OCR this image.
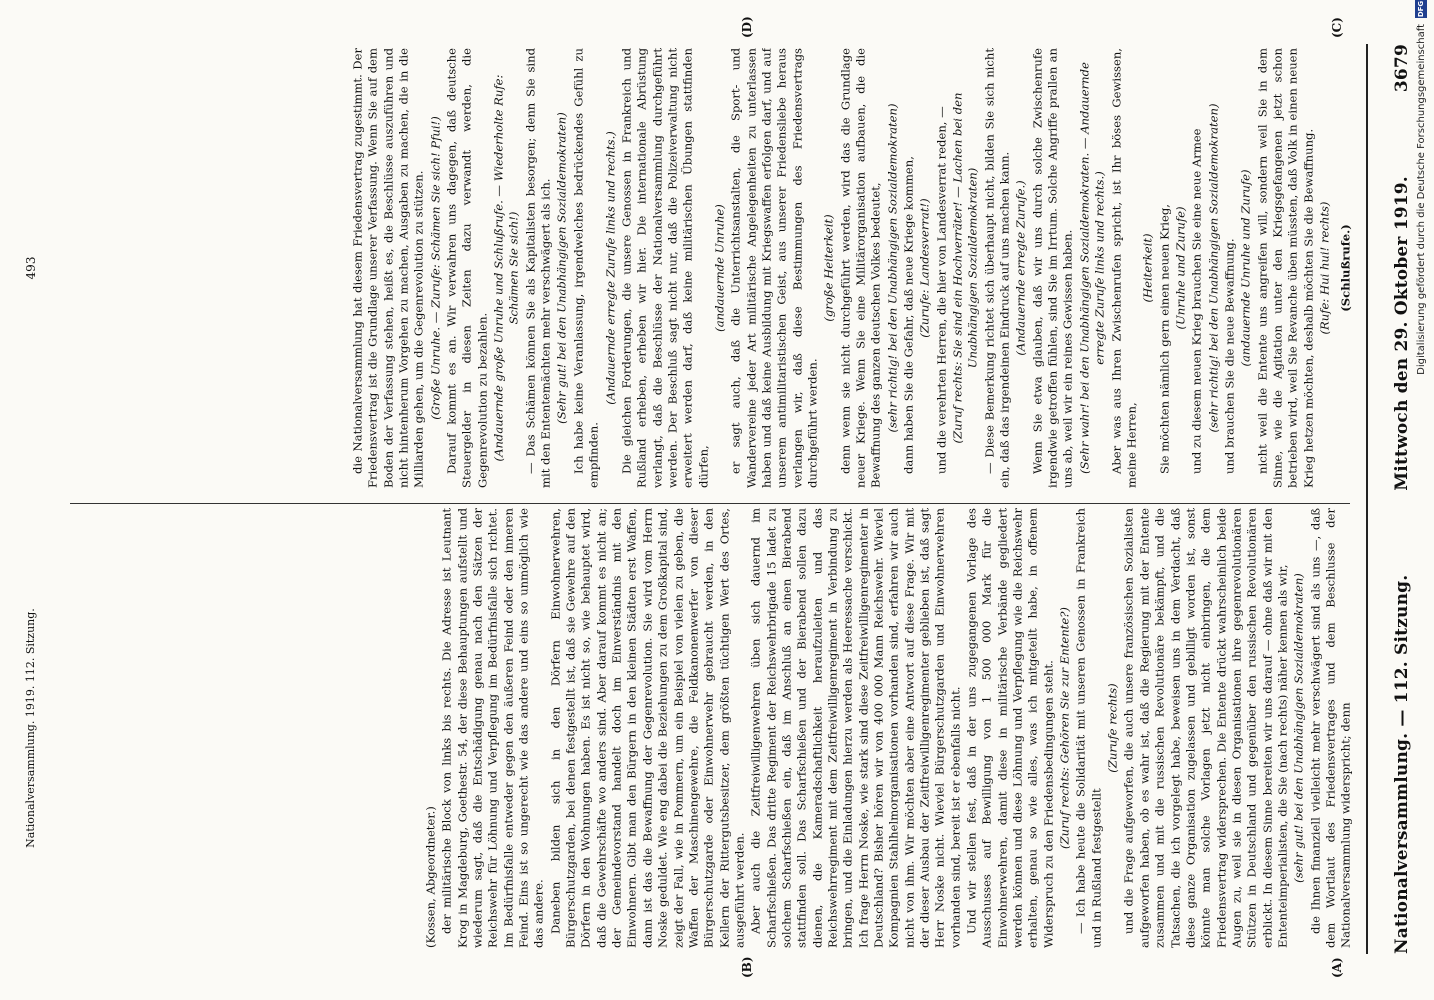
Nationalversammlung. — 112. Sitzung.
Mittwoch den 29. Oktober 1919.
3679
(A)
(B)
(C)
(D)

(Kossen, Abgeordneter.) der militärische Block von links bis rechts. Die Adresse ist Leutnant Krog in Magdeburg, Goethestr. 54, der diese Behauptungen aufstellt und wiederum sagt, daß die Entschädigung genau nach den Sätzen der Reichswehr für Löhnung und Verpflegung im Bedürfnisfalle sich richtet. Im Bedürfnisfalle entweder gegen den äußeren Feind oder den inneren Feind. Eins ist so ungerecht wie das andere und eins so unmöglich wie das andere. Daneben bilden sich in den Dörfern Einwohnerwehren, Bürgerschutzgarden, bei denen festgestellt ist, daß sie Gewehre auf den Dörfern in den Wohnungen haben. Es ist nicht so, wie behauptet wird, daß die Gewehrschäfte wo anders sind. Aber darauf kommt es nicht an; der Gemeindevorstand handelt doch im Einverständnis mit den Einwohnern. Gibt man den Bürgern in den kleinen Städten erst Waffen, dann ist das die Bewaffnung der Gegenrevolution. Sie wird vom Herrn Noske geduldet. Wie eng dabei die Beziehungen zu dem Großkapital sind, zeigt der Fall, wie in Pommern, um ein Beispiel von vielen zu geben, die Waffen der Maschinengewehre, die Feldkanonenwerfer von dieser Bürgerschutzgarde oder Einwohnerwehr gebraucht werden, in den Kellern der Rittergutsbesitzer, dem größten tüchtigen Wert des Ortes, ausgeführt werden. Aber auch die Zeitfreiwilligenwehren üben sich dauernd im Scharfschießen. Das dritte Regiment der Reichswehrbrigade 15 ladet zu solchem Scharfschießen ein, daß im Anschluß an einen Bierabend stattfinden soll. Das Scharfschießen und der Bierabend sollen dazu dienen, die Kameradschaftlichkeit heraufzuleiten und das Reichswehrregiment mit dem Zeitfreiwilligenregiment in Verbindung zu bringen, und die Einladungen hierzu werden als Heeressache verschickt. Ich frage Herrn Noske, wie stark sind diese Zeitfreiwilligenregimenter in Deutschland? Bisher hören wir von 400 000 Mann Reichswehr. Wieviel Kompagnien Stahlhelmorganisationen vorhanden sind, erfahren wir auch nicht von ihm. Wir möchten aber eine Antwort auf diese Frage. Wir mit der dieser Ausbau der Zeitfreiwilligenregimenter geblieben ist, daß sagt Herr Noske nicht. Wieviel Bürgerschutzgarden und Einwohnerwehren vorhanden sind, bereit ist er ebenfalls nicht. Und wir stellen fest, daß in der uns zugegangenen Vorlage des Ausschusses auf Bewilligung von 1 500 000 Mark für die Einwohnerwehren, damit diese in militärische Verbände gegliedert werden können und diese Löhnung und Verpflegung wie die Reichswehr erhalten, genau so wie alles, was ich mitgeteilt habe, in offenem Widerspruch zu den Friedensbedingungen steht. (Zuruf rechts: Gehören Sie zur Entente?) — Ich habe heute die Solidarität mit unseren Genossen in Frankreich und in Rußland festgestellt

(Zurufe rechts) und die Frage aufgeworfen, die auch unsere französischen Sozialisten aufgeworfen haben, ob es wahr ist, daß die Regierung mit der Entente zusammen und mit die russischen Revolutionäre bekämpft, und die Tatsachen, die ich vorgelegt habe, beweisen uns in dem Verdacht, daß diese ganze Organisation zugelassen und gebilligt worden ist, sonst könnte man solche Vorlagen jetzt nicht einbringen, die dem Friedensvertrag widersprechen. Die Entente drückt wahrscheinlich beide Augen zu, weil sie in diesen Organisationen ihre gegenrevolutionären Stützen in Deutschland und gegenüber den russischen Revolutionären erblickt. In diesem Sinne bereiten wir uns darauf — ohne daß wir mit den Ententeimperialisten, die Sie (nach rechts) näher kennen als wir, (sehr gut! bei den Unabhängigen Sozialdemokraten) die Ihnen finanziell vielleicht mehr verschwägert sind als uns —, daß dem Wortlaut des Friedensvertrages und dem Beschlusse der Nationalversammlung widerspricht; denn

die Nationalversammlung hat diesem Friedensvertrag zugestimmt. Der Friedensvertrag ist die Grundlage unserer Verfassung. Wenn Sie auf dem Boden der Verfassung stehen, heißt es, die Beschlüsse auszuführen und nicht hintenherum Vorgehen zu machen, Ausgaben zu machen, die in die Milliarden gehen, um die Gegenrevolution zu stützen. (Große Unruhe. — Zurufe: Schämen Sie sich! Pfui!) Darauf kommt es an. Wir verwahren uns dagegen, daß deutsche Steuergelder in diesen Zeiten dazu verwandt werden, die Gegenrevolution zu bezahlen. (Andauernde große Unruhe und Schlußrufe. — Wiederholte Rufe: Schämen Sie sich!) — Das Schämen können Sie als Kapitalisten besorgen; denn Sie sind mit den Ententemächten mehr verschwägert als ich. (Sehr gut! bei den Unabhängigen Sozialdemokraten) Ich habe keine Veranlassung, irgendwelches bedrückendes Gefühl zu empfinden.

(Andauernde erregte Zurufe links und rechts.) Die gleichen Forderungen, die unsere Genossen in Frankreich und Rußland erheben, erheben wir hier. Die internationale Abrüstung verlangt, daß die Beschlüsse der Nationalversammlung durchgeführt werden. Der Beschluß sagt nicht nur, daß die Polizeiverwaltung nicht erweitert werden darf, daß keine militärischen Übungen stattfinden dürfen,

(andauernde Unruhe) er sagt auch, daß die Unterrichtsanstalten, die Sport- und Wandervereine jeder Art militärische Angelegenheiten zu unterlassen haben und daß keine Ausbildung mit Kriegswaffen erfolgen darf, und auf unserem antimilitaristischen Geist, aus unserer Friedensliebe heraus verlangen wir, daß diese Bestimmungen des Friedensvertrags durchgeführt werden.

(große Heiterkeit) denn wenn sie nicht durchgeführt werden, wird das die Grundlage neuer Kriege. Wenn Sie eine Militärorganisation aufbauen, die die Bewaffnung des ganzen deutschen Volkes bedeutet, (sehr richtig! bei den Unabhängigen Sozialdemokraten) dann haben Sie die Gefahr, daß neue Kriege kommen, (Zurufe: Landesverrat!) und die verehrten Herren, die hier von Landesverrat reden, — (Zuruf rechts: Sie sind ein Hochverräter! — Lachen bei den Unabhängigen Sozialdemokraten) — Diese Bemerkung richtet sich überhaupt nicht, bilden Sie sich nicht ein, daß das irgendeinen Eindruck auf uns machen kann. (Andauernde erregte Zurufe.) Wenn Sie etwa glauben, daß wir uns durch solche Zwischenrufe irgendwie getroffen fühlen, sind Sie im Irrtum. Solche Angriffe prallen an uns ab, weil wir ein reines Gewissen haben. (Sehr wahr! bei den Unabhängigen Sozialdemokraten. — Andauernde erregte Zurufe links und rechts.) Aber was aus Ihren Zwischenrufen spricht, ist Ihr böses Gewissen, meine Herren,

(Heiterkeit) Sie möchten nämlich gern einen neuen Krieg, (Unruhe und Zurufe) und zu diesem neuen Krieg brauchen Sie eine neue Armee (sehr richtig! bei den Unabhängigen Sozialdemokraten) und brauchen Sie die neue Bewaffnung. (andauernde Unruhe und Zurufe) nicht weil die Entente uns angreifen will, sondern weil Sie in dem Sinne, wie die Agitation unter den Kriegsgefangenen jetzt schon betrieben wird, weil Sie Revanche üben müssten, daß Volk in einen neuen Krieg hetzen möchten, deshalb möchten Sie die Bewaffnung. (Rufe: Hui hui! rechts) (Schlußrufe.)

Nationalversammlung. 1919. 112. Sitzung.
493	Digitalisierung gefördert durch die Deutsche Forschungsgemeinschaft
DFG
